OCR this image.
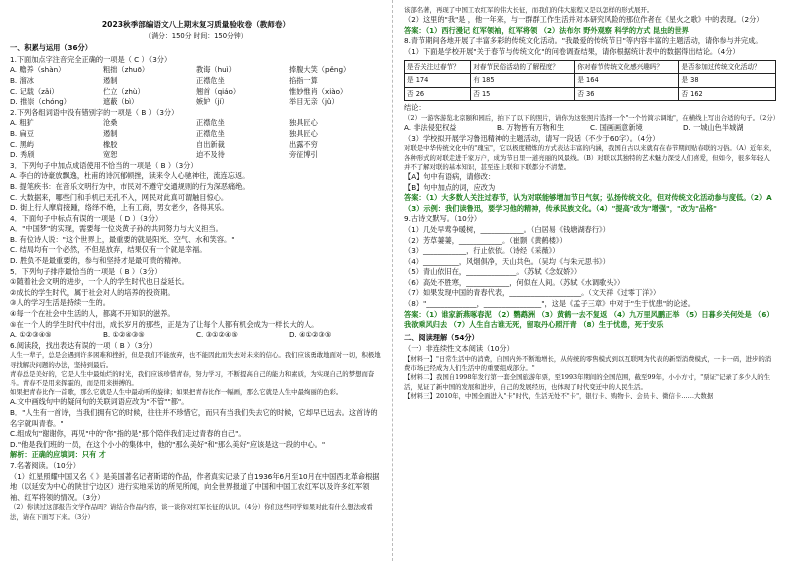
2023秋季部编语文八上期末复习质量验收卷（教师卷）
（满分：150分 时间：150分钟）
一、积累与运用（36分）
1.下面加点字注音完全正确的一项是（ C ）（3分）
A. 赡养（shàn）	粗拙（zhuō）	教诲（huì）	捧腹大笑（pěng）
B. 溜冰	遏制	正襟危坐	掐指一算
C. 记载（zǎi）	伫立（zhù）	翘首（qiáo）	惟妙惟肖（xiào）
D. 推崇（chóng）	遮蔽（bì）	嫉妒（jí）	举目无亲（jǔ）
2.下列各组词语中没有错别字的一项是（ B ）（3分）
A. 粗犷	沧桑	正襟危坐	独具匠心
B. 扁豆	遏制	正襟危坐	独具匠心
C. 黑屿	橡胶	自出新裁	出露不穷
D. 秀颀	宽恕	迫不及待	旁征博引
3．下列句子中加点成语使用不恰当的一项是（ B ）（3分）
A. 李白的诗豪放飘逸，杜甫的诗沉郁顿挫，读来令人心驰神往，流连忘返。
B. 提笔疾书：在音乐文明行为中，市民对不遵守交通规则的行为深恶痛绝。
C. 大数据来，哪些门和手机已无孔不入，网民对此真可谓触目惊心。
D. 街上行人摩肩接踵，络绎不绝，上有工商，男女老少，各得其乐。
4．下面句子中标点有误的一项是（ D ）（3分）
A．"中国梦"的实现，需要每一位炎黄子孙的共同努力与大义担当。
B. 有位诗人说："这个世界上，最重要的就是阳光、空气、水和笑容。"
C. 结局均有一个必然，不但是放弃，结果仅有一个就是幸福。
D. 胜负不是最重要的，参与和坚持才是最可贵的精神。
5．下列句子排序最恰当的一项是（ B ）（3分）
①随着社会文明的进步，一个人的学生时代也日益延长。
②成长的学生时代，属于社会对人的培养的投资期。
③人的学习生活是持续一生的。
④每一个在社会中生活的人，都离不开知识的滋养。
⑤在一个人的学生时代中付出，成长岁月的那些，正是为了让每个人都有机会成为一样长大的人。
A. ①②③④⑤	B. ①②④③⑤	C. ③①②④⑤	D. ④①②③⑤
6.阅读段，找出表达有误的一项（ B ）（3分）
人生一辈子，总是会遇到许多困难和挫折，但是我们不能放弃，也不能因此而失去对未来的信心。我们应该勇敢地面对一切，积极地寻找解决问题的办法，坚持到最后。
青春总是美好的，它是人生中最灿烂的时光，我们应该珍惜青春，努力学习，不断提高自己的能力和素质，为实现自己的梦想而奋斗。青春不是用来挥霍的，而是用来拼搏的。
如果把青春比作一首歌，那么它就是人生中最动听的旋律；如果把青春比作一幅画，那么它就是人生中最绚丽的色彩。
A.文中画线句中的疑问句的关联词语应改为"不管""都"。
B．"人生有一首诗，当我们拥有它的时候，往往并不珍惜它，而只有当我们失去它的时候，它却早已远去。这首诗的名字就叫青春。"
C.组成句"谢谢你，再见"中的"你"指的是"那个陪伴我们走过青春的自己"。
D."他是我们班的一员，在这个小小的集体中，他的"那么美好"和"那么美好"应该是这一段的中心。"
解析：正确的应填词：只有 才
7.名著阅读。（10分）
（1）红星照耀中国又名《 》是美国著名记者斯诺的作品，作者真实记录了自1936年6月至10月在中国西北革命根据地（以延安为中心的陕甘宁边区）进行实地采访的所见所闻，向全世界报道了中国和中国工农红军以及许多红军领袖、红军将领的情况。（3分）
（2）你读过这部报告文学作品吗？请结合作品内容，谈一谈你对红军长征的认识。（4分）你们这些同学如果对此有什么想法或看法，请在下面写下来。（3分）
该部名著，再现了中国工农红军的伟大长征，而我们的伟大旅程又是以怎样的形式展开。
（2）这里的"我"是 ，他一年来，与一群群工作生活并对本研究风险的那位作者在《星火之歌》中的表现。（2分）
答案：（1）西行漫记 红军领袖，红军将领 （2）法布尔 野外观察 科学的方式 昆虫的世界
8.青节期间各地开展了丰富多彩的传统文化活动。"我最爱的传统节日"等内容丰富的主题活动，请你参与并完成。
（1）下面是学校开展"关于春节与传统文化"的问卷调查结果，请你根据统计表中的数据得出结论。（4分）
是否关注过春节？	对春节民俗活动的了解程度？	你对春节传统文化感兴趣吗？	是否参加过传统文化活动？
是 174	有 185	是 164	是 38
否 26	否 15	否 36	否 162
结论：
（2）一游客游览北京颐和园后，拍下了以下的照片，请你为这张照片选择一个"一个竹简示调地"，在横线上写出合适的句子。（2分）
A. 非法侵犯权益	B. 万物皆有万物和生	C. 国画画意新境	D. 一城山色半城湖
（3）学校拟开展学习鲁迅精神的主题活动，请写一段话（不少于60字）。（4分）
对联是中华传统文化中的"瑰宝"，它以极度精炼的方式表达丰富的内涵，我国自古以来就有在春节期间贴春联的习俗。（A）近年来，各种形式的对联走进千家万户，成为节日里一道亮丽的风景线。（B）对联以其独特的艺术魅力深受人们喜爱，但如今，很多年轻人并不了解对联的基本知识，甚至连上联和下联都分不清楚。
【A】句中有语病，请修改：
【B】句中加点的词，应改为
答案：（1）大多数人关注过春节，认为对联能够增加节日气氛；弘扬传统文化，但对传统文化活动参与度低。（2）A（3）示例：我们读鲁迅，要学习他的精神，传承民族文化。（4）"提高"改为"增强"，"改为"品格"
9.古诗文默写。（10分）
（1）几处早莺争暖树，____________。（白居易《钱塘湖春行》）
（2）芳草萋萋，____________。（崔颢《黄鹤楼》）
（3）____________，行止依依。（诗经《采薇》）
（4）__________，风烟俱净，天山共色。（吴均《与朱元思书》）
（5）青山依旧在，______________。（苏轼《念奴娇》）
（6）高处不胜寒，____________，何似在人间。（苏轼《水调歌头》）
（7）如果发现中国的青春代表，____________________。（文天祥《过零丁洋》）
（8）"______________，________________"，这是《孟子三章》中对于"生于忧患"的论述。
答案：（1）谁家新燕啄春泥 （2）鹦鹉洲 （3）黄鹤一去不复返 （4）九万里风鹏正举 （5）日暮乡关何处是 （6）我欲乘风归去 （7）人生自古谁无死，留取丹心照汗青 （8）生于忧患，死于安乐
二、阅读理解（54分）
（一）非连续性文本阅读（10分）
【材料一】"日常生活中的消费，自国内外不断地增长，从传统的零售模式到以互联网为代表的新型消费模式，一卡一码，进步的消费市场已经成为人们生活中的重要组成部分。"
【材料二】我国自1998年发行第一套全国旅游年票，至1993年期间的全国范围，截至99年，小小方寸，"票证"记录了多少人的生活，见证了新中国的发展和进步，自己的发展经历，也体现了时代变迁中的人民生活。
【材料三】2010年，中国全面进入"卡"时代，生活无处不"卡"，银行卡、购物卡、会员卡、微信卡……大数据
